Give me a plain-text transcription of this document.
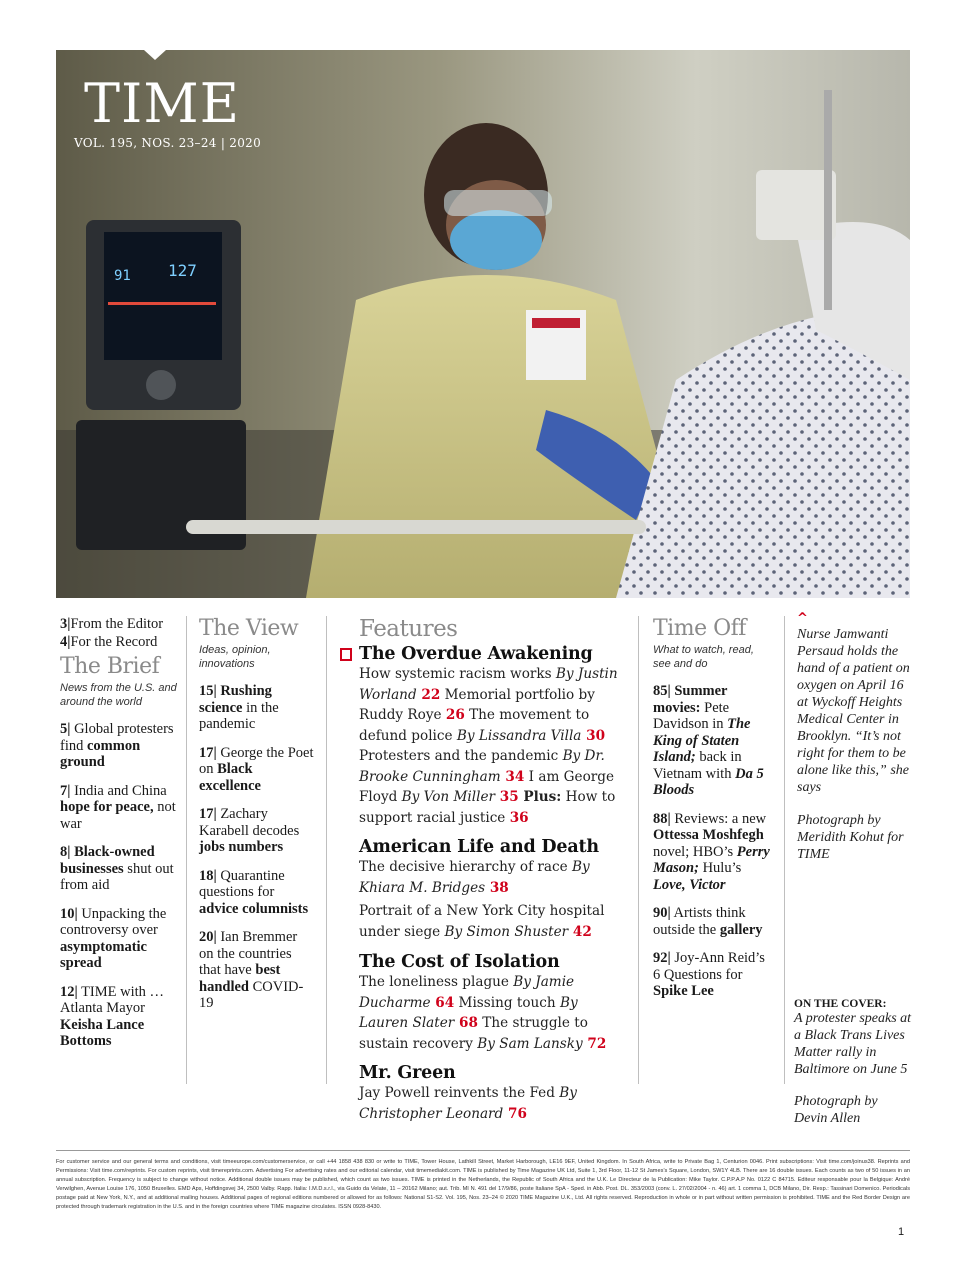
91 127
TIME
VOL. 195, NOS. 23–24 | 2020
3|From the Editor
4|For the Record
The Brief
News from the U.S. and around the world
5| Global protesters find common ground
7| India and China hope for peace, not war
8| Black-owned businesses shut out from aid
10| Unpacking the controversy over asymptomatic spread
12| TIME with … Atlanta Mayor Keisha Lance Bottoms
The View
Ideas, opinion, innovations
15| Rushing science in the pandemic
17| George the Poet on Black excellence
17| Zachary Karabell decodes jobs numbers
18| Quarantine questions for advice columnists
20| Ian Bremmer on the countries that have best handled COVID-19
Features
The Overdue Awakening
How systemic racism works By Justin Worland 22 Memorial portfolio by Ruddy Roye 26 The movement to defund police By Lissandra Villa 30 Protesters and the pandemic By Dr. Brooke Cunningham 34 I am George Floyd By Von Miller 35 Plus: How to support racial justice 36
American Life and Death
The decisive hierarchy of race By Khiara M. Bridges 38
Portrait of a New York City hospital under siege By Simon Shuster 42
The Cost of Isolation
The loneliness plague By Jamie Ducharme 64 Missing touch By Lauren Slater 68 The struggle to sustain recovery By Sam Lansky 72
Mr. Green
Jay Powell reinvents the Fed By Christopher Leonard 76
Time Off
What to watch, read, see and do
85| Summer movies: Pete Davidson in The King of Staten Island; back in Vietnam with Da 5 Bloods
88| Reviews: a new Ottessa Moshfegh novel; HBO’s Perry Mason; Hulu’s Love, Victor
90| Artists think outside the gallery
92| Joy-Ann Reid’s 6 Questions for Spike Lee
^
Nurse Jamwanti Persaud holds the hand of a patient on oxygen on April 16 at Wyckoff Heights Medical Center in Brooklyn. “It’s not right for them to be alone like this,” she says
Photograph by Meridith Kohut for TIME
ON THE COVER:
A protester speaks at a Black Trans Lives Matter rally in Baltimore on June 5
Photograph by Devin Allen
For customer service and our general terms and conditions, visit timeeurope.com/customerservice, or call +44 1858 438 830 or write to TIME, Tower House, Lathkill Street, Market Harborough, LE16 9EF, United Kingdom. In South Africa, write to Private Bag 1, Centurion 0046. Print subscriptions: Visit time.com/joinus38. Reprints and Permissions: Visit time.com/reprints. For custom reprints, visit timereprints.com. Advertising For advertising rates and our editorial calendar, visit timemediakit.com. TIME is published by Time Magazine UK Ltd, Suite 1, 3rd Floor, 11-12 St James’s Square, London, SW1Y 4LB. There are 16 double issues. Each counts as two of 50 issues in an annual subscription. Frequency is subject to change without notice. Additional double issues may be published, which count as two issues. TIME is printed in the Netherlands, the Republic of South Africa and the U.K. Le Directeur de la Publication: Mike Taylor. C.P.P.A.P No. 0122 C 84715. Editeur responsable pour la Belgique: André Verwilghen, Avenue Louise 176, 1050 Bruxelles. EMD Aps, Hoffdingsvej 34, 2500 Valby. Rapp. Italia: I.M.D.s.r.l., via Guido da Velate, 11 – 20162 Milano; aut. Trib. MI N. 491 del 17/9/86, poste Italiane SpA - Sped. in Abb. Post. DL. 353/2003 (conv. L. 27/02/2004 - n. 46) art. 1 comma 1, DCB Milano, Dir. Resp.: Tassinari Domenico. Periodicals postage paid at New York, N.Y., and at additional mailing houses. Additional pages of regional editions numbered or allowed for as follows: National S1-S2. Vol. 195, Nos. 23–24 © 2020 TIME Magazine U.K., Ltd. All rights reserved. Reproduction in whole or in part without written permission is prohibited. TIME and the Red Border Design are protected through trademark registration in the U.S. and in the foreign countries where TIME magazine circulates. ISSN 0928-8430.
1
